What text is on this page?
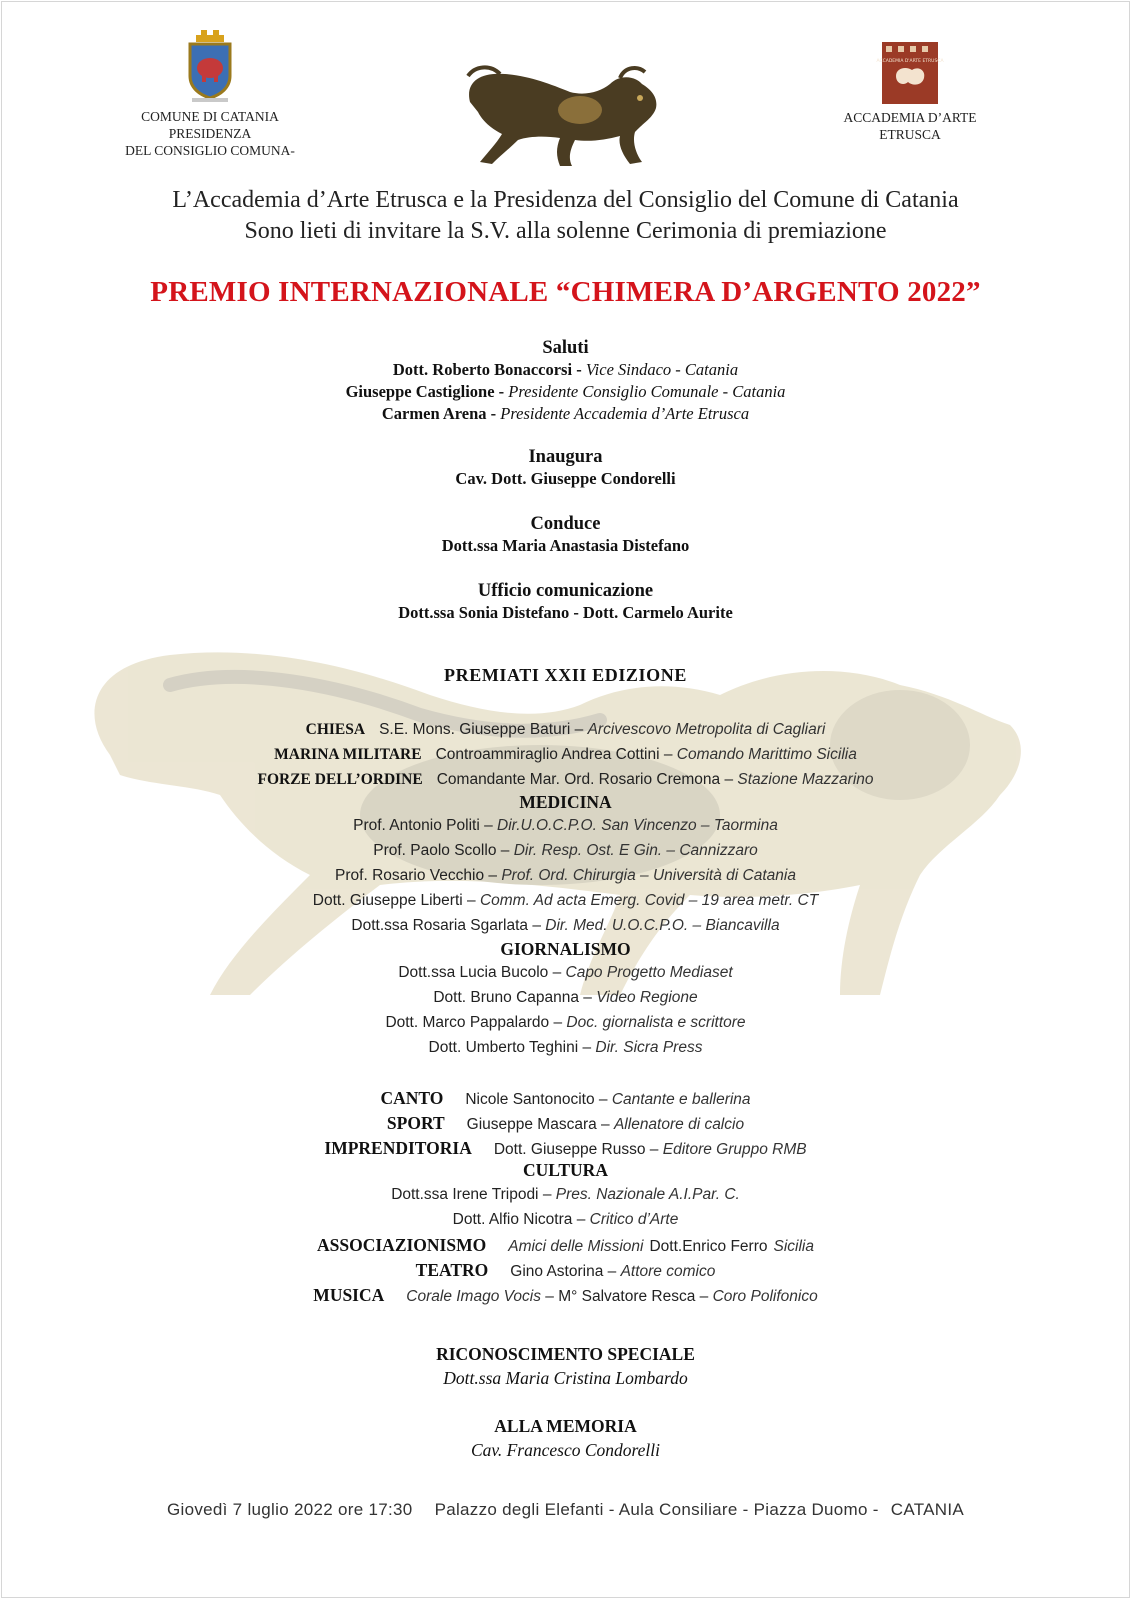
COMUNE DI CATANIA
PRESIDENZA
DEL CONSIGLIO COMUNA-
ACCADEMIA D'ARTE ETRUSCA
ACCADEMIA D’ARTE
ETRUSCA
L’Accademia d’Arte Etrusca e la Presidenza del Consiglio del Comune di Catania
Sono lieti di invitare la S.V. alla solenne Cerimonia di premiazione
PREMIO INTERNAZIONALE “CHIMERA D’ARGENTO 2022”
Saluti
Dott. Roberto Bonaccorsi - Vice Sindaco - Catania
Giuseppe Castiglione - Presidente Consiglio Comunale - Catania
Carmen Arena - Presidente Accademia d’Arte Etrusca
Inaugura
Cav. Dott. Giuseppe Condorelli
Conduce
Dott.ssa Maria Anastasia Distefano
Ufficio comunicazione
Dott.ssa Sonia Distefano - Dott. Carmelo Aurite
PREMIATI XXII EDIZIONE
CHIESA S.E. Mons. Giuseppe Baturi – Arcivescovo Metropolita di Cagliari
MARINA MILITARE Controammiraglio Andrea Cottini – Comando Marittimo Sicilia
FORZE DELL’ORDINE Comandante Mar. Ord. Rosario Cremona – Stazione Mazzarino
MEDICINA
Prof. Antonio Politi – Dir.U.O.C.P.O. San Vincenzo – Taormina
Prof. Paolo Scollo – Dir. Resp. Ost. E Gin. – Cannizzaro
Prof. Rosario Vecchio – Prof. Ord. Chirurgia – Università di Catania
Dott. Giuseppe Liberti – Comm. Ad acta Emerg. Covid – 19 area metr. CT
Dott.ssa Rosaria Sgarlata – Dir. Med. U.O.C.P.O. – Biancavilla
GIORNALISMO
Dott.ssa Lucia Bucolo – Capo Progetto Mediaset
Dott. Bruno Capanna – Video Regione
Dott. Marco Pappalardo – Doc. giornalista e scrittore
Dott. Umberto Teghini – Dir. Sicra Press
CANTO Nicole Santonocito – Cantante e ballerina
SPORT Giuseppe Mascara – Allenatore di calcio
IMPRENDITORIA Dott. Giuseppe Russo – Editore Gruppo RMB
CULTURA
Dott.ssa Irene Tripodi – Pres. Nazionale A.I.Par. C.
Dott. Alfio Nicotra – Critico d’Arte
ASSOCIAZIONISMO Amici delle Missioni Dott.Enrico Ferro Sicilia
TEATRO Gino Astorina – Attore comico
MUSICA Corale Imago Vocis – M° Salvatore Resca – Coro Polifonico
RICONOSCIMENTO SPECIALE
Dott.ssa Maria Cristina Lombardo
ALLA MEMORIA
Cav. Francesco Condorelli
Giovedì 7 luglio 2022 ore 17:30 Palazzo degli Elefanti - Aula Consiliare - Piazza Duomo - CATANIA
